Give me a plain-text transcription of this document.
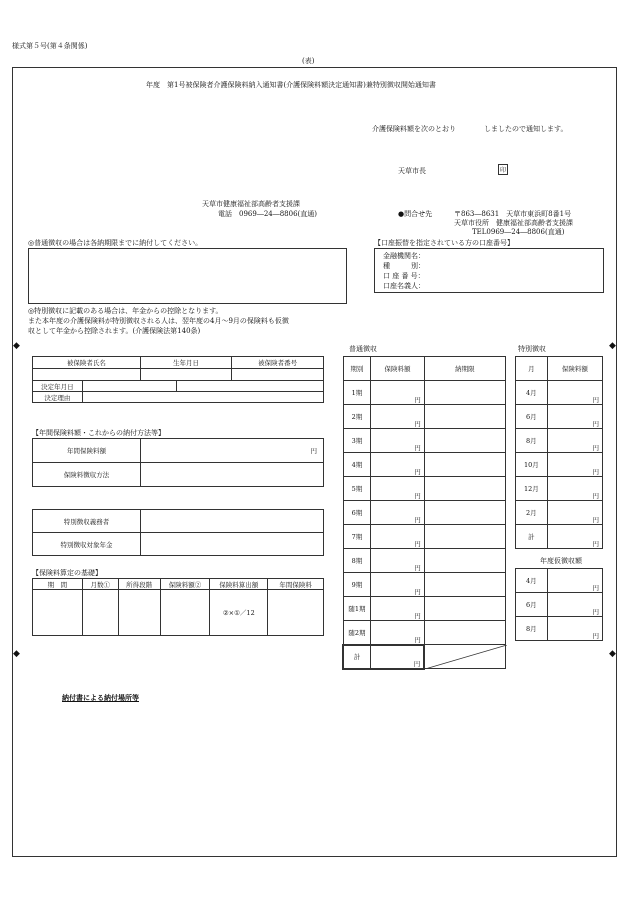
様式第５号(第４条関係)
(表)
年度　第1号被保険者介護保険料納入通知書(介護保険料額決定通知書)兼特別徴収開始通知書
介護保険料額を次のとおり　　　　しましたので通知します。
天草市長	印
天草市健康福祉部高齢者支援課
電話　0969―24―8806(直通)	●問合せ先	〒863―8631　天草市東浜町8番1号
天草市役所　健康福祉部高齢者支援課
TEL0969―24―8806(直通)
◎普通徴収の場合は各納期限までに納付してください。	【口座振替を指定されている方の口座番号】
金融機関名：
種　　　別：
口 座 番 号：
口座名義人：
◎特別徴収に記載のある場合は、年金からの控除となります。
また本年度の介護保険料が特別徴収される人は、翌年度の4月～9月の保険料も仮徴
収として年金から控除されます。(介護保険法第140条)
◆	◆
◆	◆
被保険者氏名	生年月日	被保険者番号

決定年月日		
決定理由		
【年間保険料額・これからの納付方法等】
年間保険料額	円
保険料徴収方法	
特別徴収義務者	
特別徴収対象年金	
【保険料算定の基礎】
期　間	月数①	所得段階	保険料額②	保険料算出額	年間保険料
				②×①／12	
普通徴収
期別	保険料額	納期限
1期	円	
2期	円	
3期	円	
4期	円	
5期	円	
6期	円	
7期	円	
8期	円	
9期	円	
随1期	円	
随2期	円	
計	円	
特別徴収
月	保険料額
4月	円
6月	円
8月	円
10月	円
12月	円
2月	円
計	円
年度仮徴収額
4月	円
6月	円
8月	円
納付書による納付場所等
